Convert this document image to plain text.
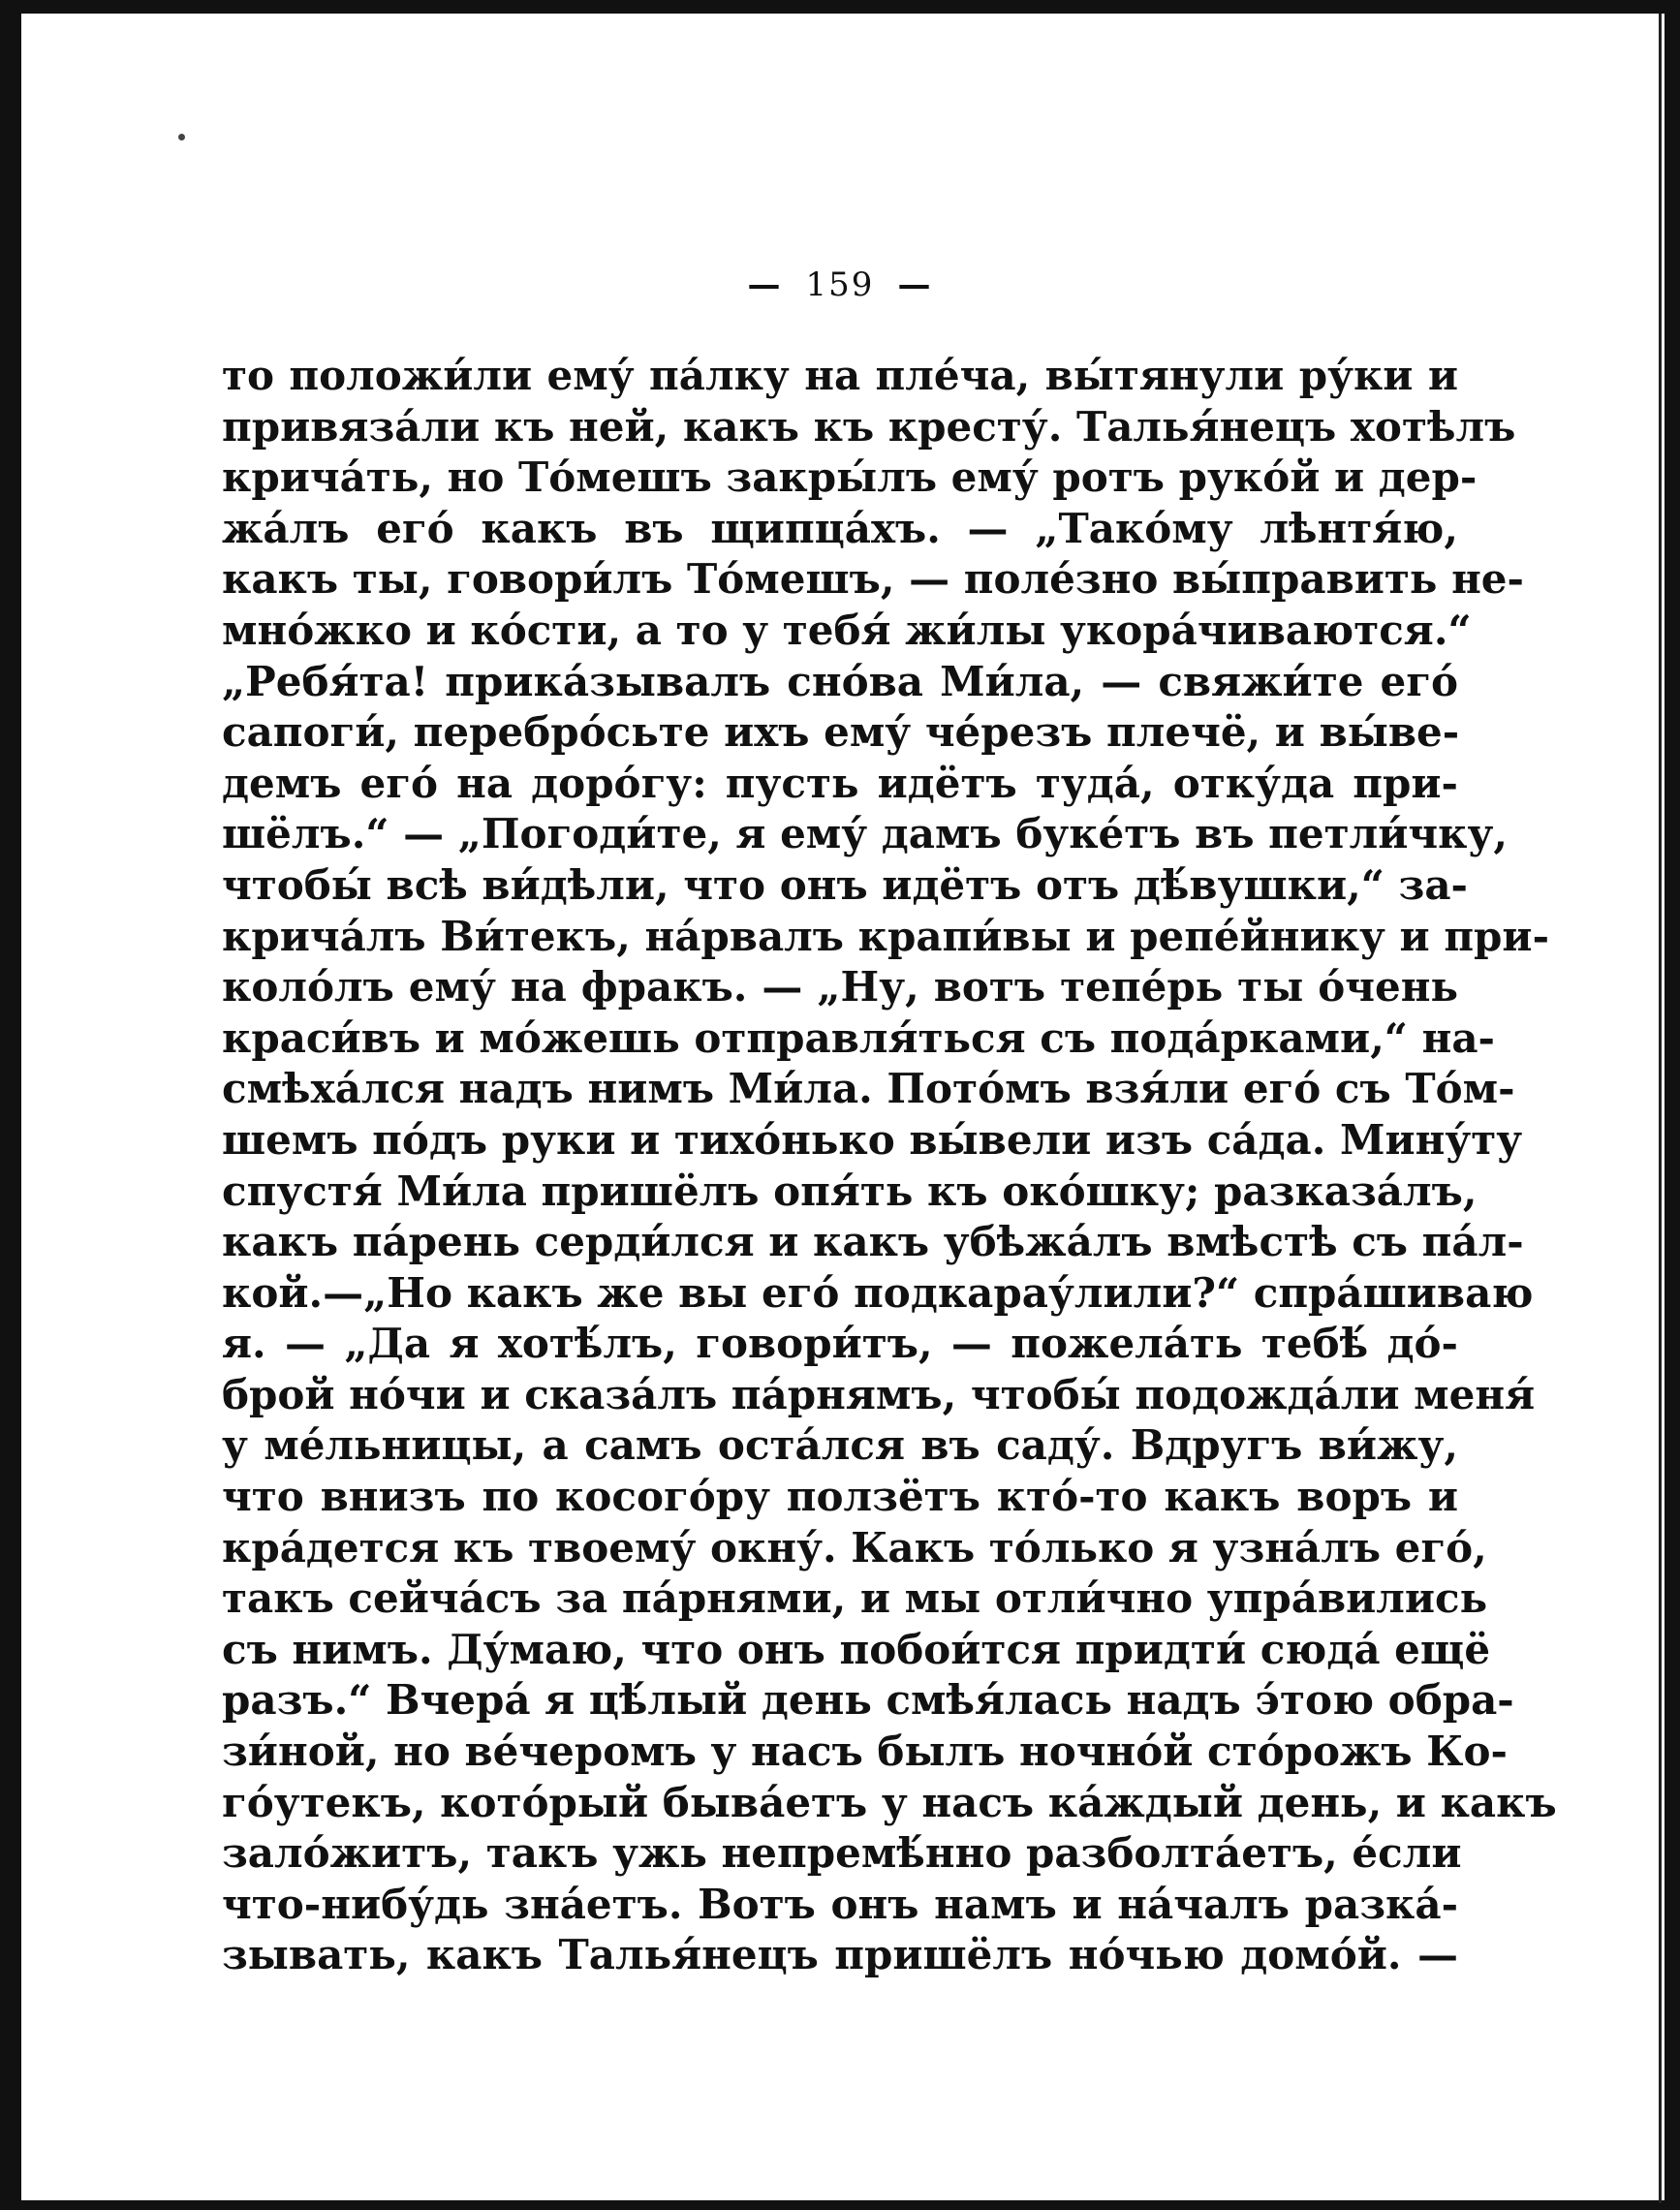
— 159 —
то положи́ли ему́ па́лку на пле́ча, вы́тянули ру́ки и
привяза́ли къ ней, какъ къ кресту́. Талья́нецъ хотѣлъ
крича́ть, но То́мешъ закры́лъ ему́ ротъ руко́й и дер-
жа́лъ его́ какъ въ щипца́хъ. — „Тако́му лѣнтя́ю,
какъ ты, говори́лъ То́мешъ, — поле́зно вы́править не-
мно́жко и ко́сти, а то у тебя́ жи́лы укора́чиваются.“
„Ребя́та! прика́зывалъ сно́ва Ми́ла, — свяжи́те его́
сапоги́, перебро́сьте ихъ ему́ че́резъ плечё, и вы́ве-
демъ его́ на доро́гу: пусть идётъ туда́, отку́да при-
шёлъ.“ — „Погоди́те, я ему́ дамъ буке́тъ въ петли́чку,
чтобы́ всѣ ви́дѣли, что онъ идётъ отъ дѣ́вушки,“ за-
крича́лъ Ви́текъ, на́рвалъ крапи́вы и репе́йнику и при-
коло́лъ ему́ на фракъ. — „Ну, вотъ тепе́рь ты о́чень
краси́въ и мо́жешь отправля́ться съ пода́рками,“ на-
смѣха́лся надъ нимъ Ми́ла. Пото́мъ взя́ли его́ съ То́м-
шемъ по́дъ руки и тихо́нько вы́вели изъ са́да. Мину́ту
спустя́ Ми́ла пришёлъ опя́ть къ око́шку; разказа́лъ,
какъ па́рень серди́лся и какъ убѣжа́лъ вмѣстѣ съ па́л-
кой.—„Но какъ же вы его́ подкарау́лили?“ спра́шиваю
я. — „Да я хотѣ́лъ, говори́тъ, — пожела́ть тебѣ́ до́-
брой но́чи и сказа́лъ па́рнямъ, чтобы́ подожда́ли меня́
у ме́льницы, а самъ оста́лся въ саду́. Вдругъ ви́жу,
что внизъ по косого́ру ползётъ кто́-то какъ воръ и
кра́дется къ твоему́ окну́. Какъ то́лько я узна́лъ его́,
такъ сейча́съ за па́рнями, и мы отли́чно упра́вились
съ нимъ. Ду́маю, что онъ побои́тся придти́ сюда́ ещё
разъ.“ Вчера́ я цѣ́лый день смѣя́лась надъ э́тою обра-
зи́ной, но ве́черомъ у насъ былъ ночно́й сто́рожъ Ко-
го́утекъ, кото́рый быва́етъ у насъ ка́ждый день, и какъ
зало́житъ, такъ ужь непремѣ́нно разболта́етъ, е́сли
что-нибу́дь зна́етъ. Вотъ онъ намъ и на́чалъ разка́-
зывать, какъ Талья́нецъ пришёлъ но́чью домо́й. —
